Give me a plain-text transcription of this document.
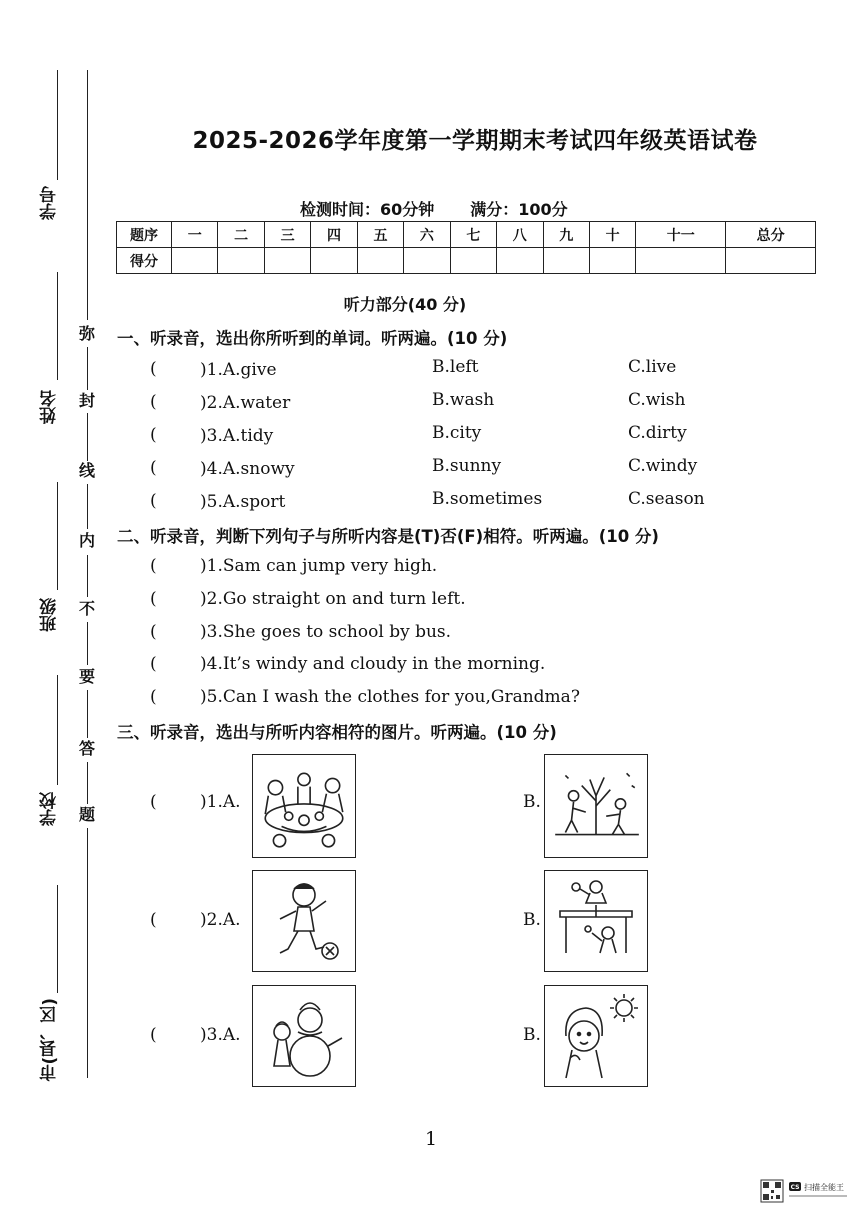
学号
姓名
班级
学校
市(县、区)
弥
封
线
内
不
要
答
题
2025-2026学年度第一学期期末考试四年级英语试卷
检测时间：60分钟 满分：100分
题序	一	二	三	四	五	六	七	八	九	十	十一	总分
得分												
听力部分(40 分)
一、听录音，选出你所听到的单词。听两遍。(10 分)
(	)1.A.give	B.left	C.live
(	)2.A.water	B.wash	C.wish
(	)3.A.tidy	B.city	C.dirty
(	)4.A.snowy	B.sunny	C.windy
(	)5.A.sport	B.sometimes	C.season
二、听录音，判断下列句子与所听内容是(T)否(F)相符。听两遍。(10 分)
(	)1.Sam can jump very high.
(	)2.Go straight on and turn left.
(	)3.She goes to school by bus.
(	)4.It’s windy and cloudy in the morning.
(	)5.Can I wash the clothes for you,Grandma?
三、听录音，选出与所听内容相符的图片。听两遍。(10 分)
(	)1.A.	B.
(	)2.A.	B.
(	)3.A.	B.
1
CS 扫描全能王
